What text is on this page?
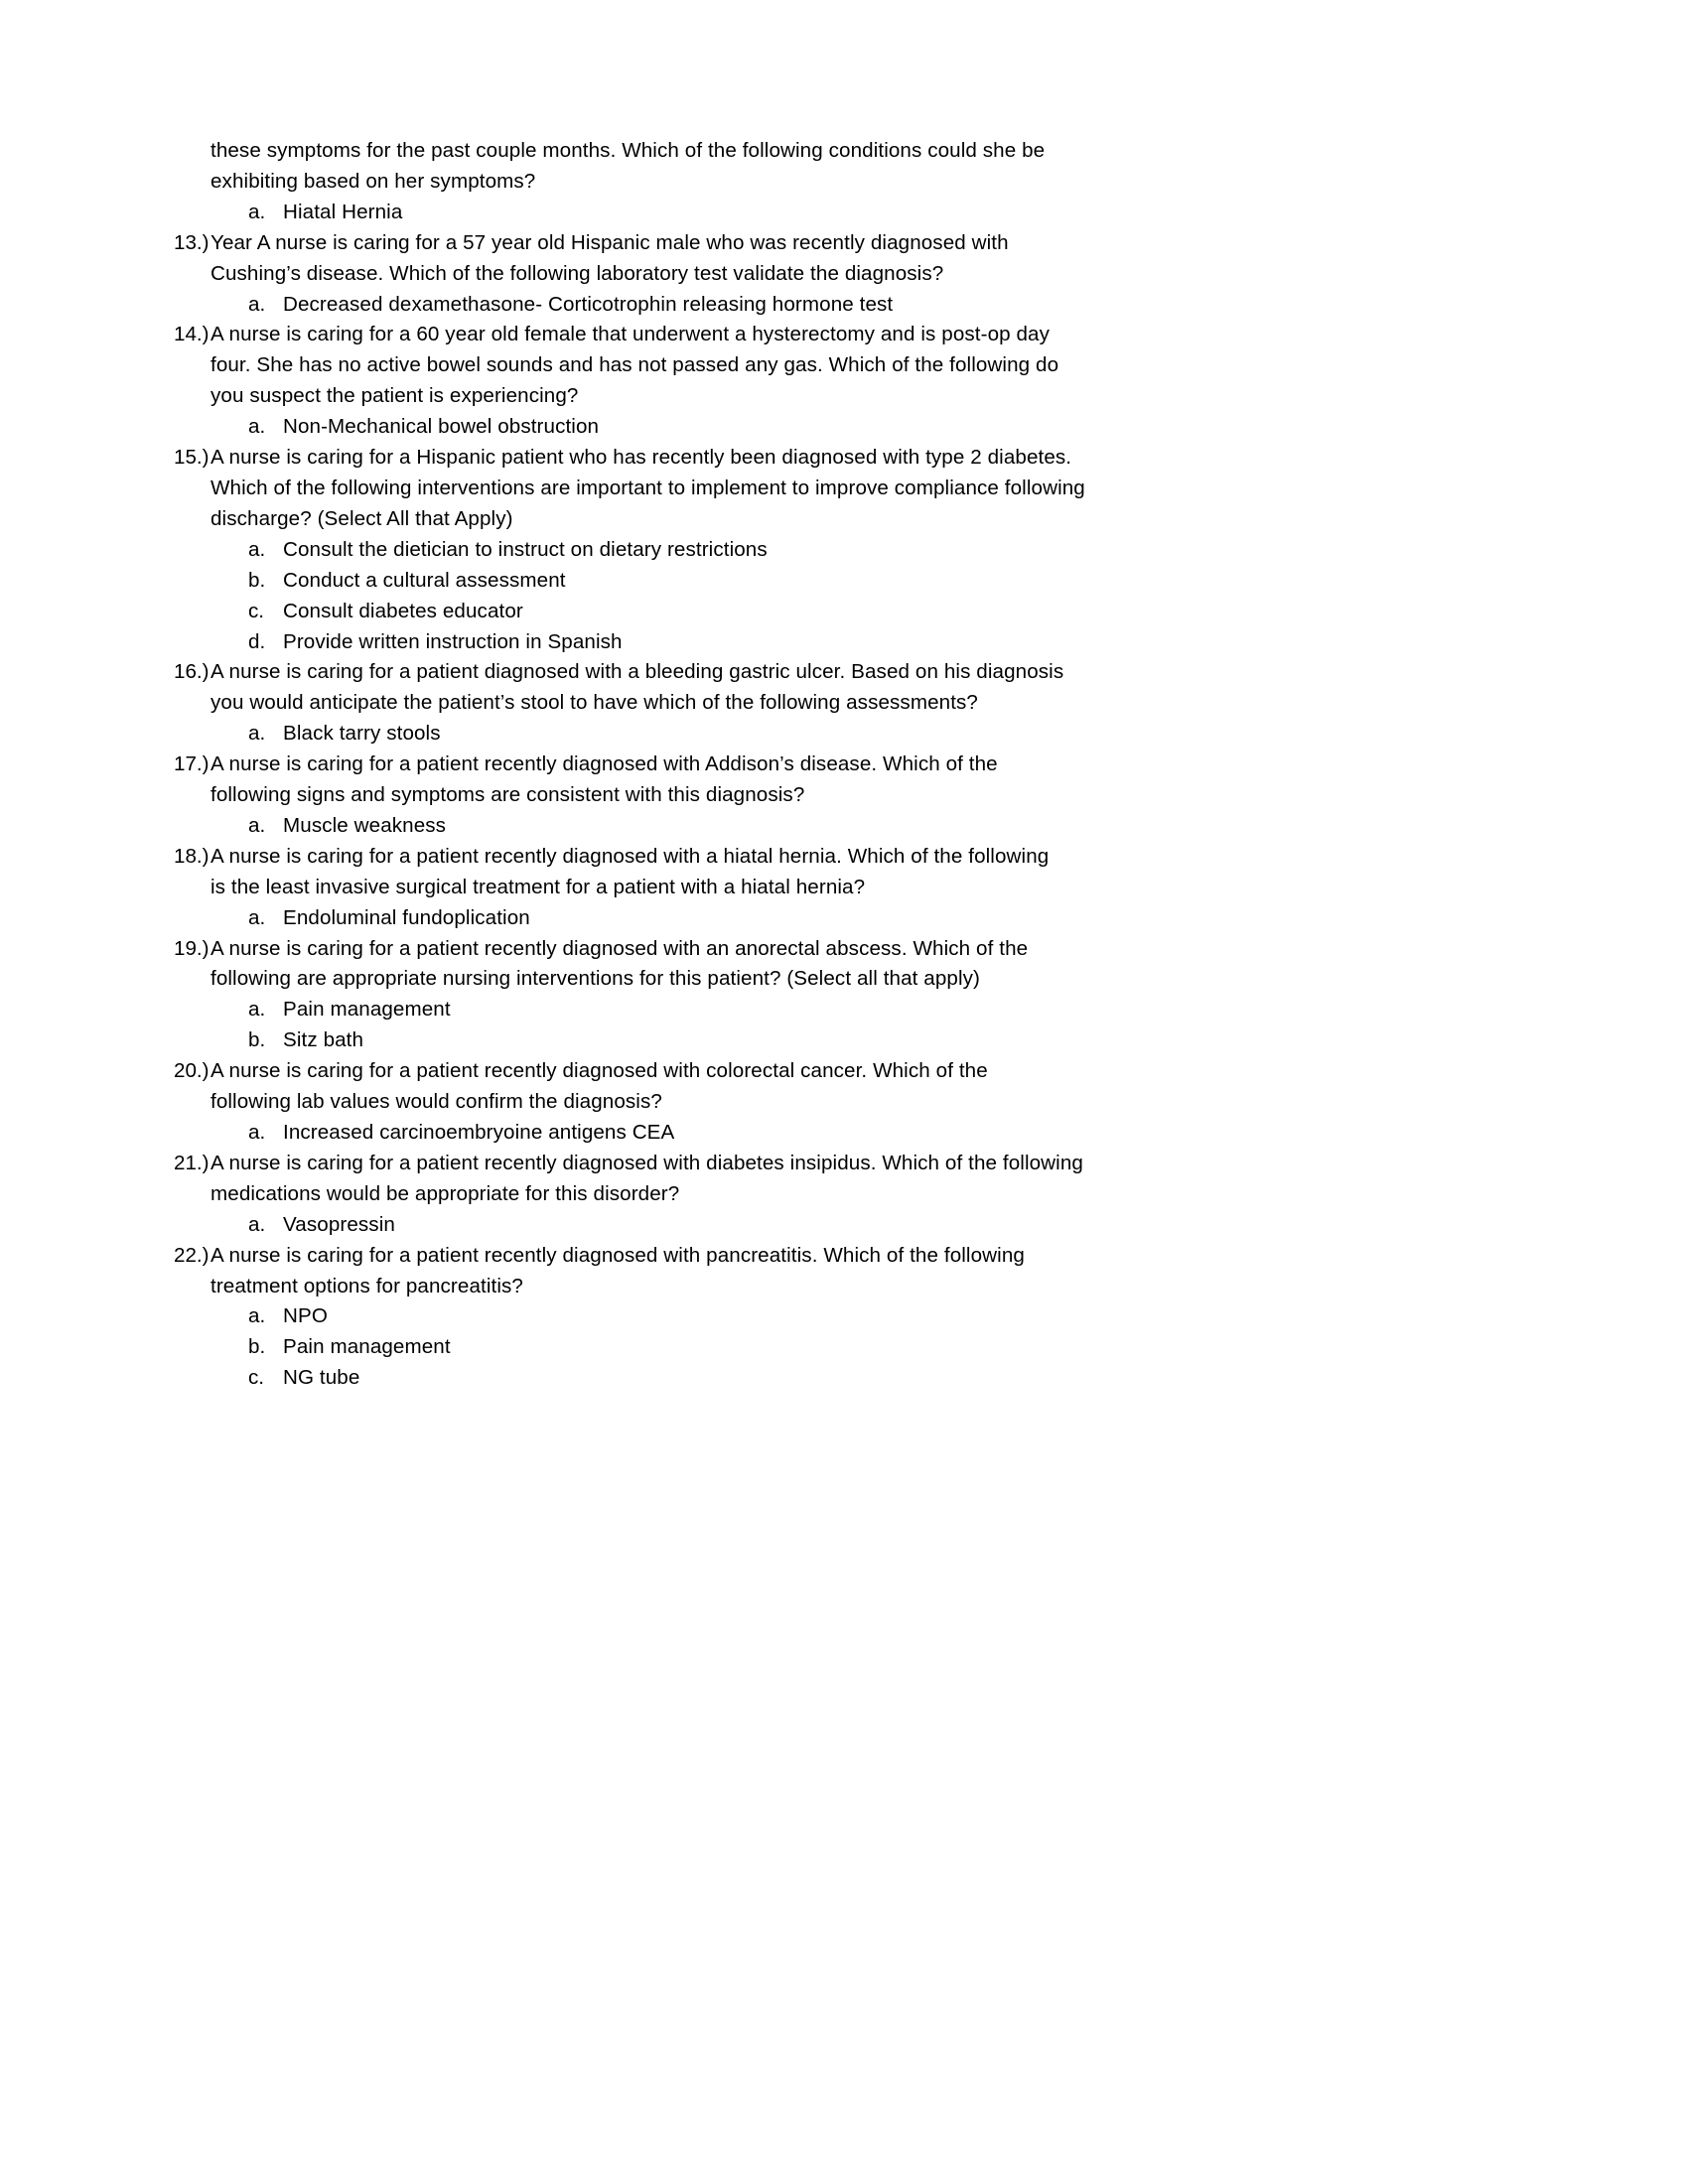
these symptoms for the past couple months. Which of the following conditions could she be exhibiting based on her symptoms?

a. Hiatal Hernia
13.) Year A nurse is caring for a 57 year old Hispanic male who was recently diagnosed with Cushing’s disease. Which of the following laboratory test validate the diagnosis?
a. Decreased dexamethasone- Corticotrophin releasing hormone test
14.) A nurse is caring for a 60 year old female that underwent a hysterectomy and is post-op day four. She has no active bowel sounds and has not passed any gas. Which of the following do you suspect the patient is experiencing?
a. Non-Mechanical bowel obstruction
15.) A nurse is caring for a Hispanic patient who has recently been diagnosed with type 2 diabetes. Which of the following interventions are important to implement to improve compliance following discharge? (Select All that Apply)
a. Consult the dietician to instruct on dietary restrictions
b. Conduct a cultural assessment
c. Consult diabetes educator
d. Provide written instruction in Spanish
16.) A nurse is caring for a patient diagnosed with a bleeding gastric ulcer. Based on his diagnosis you would anticipate the patient’s stool to have which of the following assessments?
a. Black tarry stools
17.) A nurse is caring for a patient recently diagnosed with Addison’s disease. Which of the following signs and symptoms are consistent with this diagnosis?
a. Muscle weakness
18.) A nurse is caring for a patient recently diagnosed with a hiatal hernia. Which of the following is the least invasive surgical treatment for a patient with a hiatal hernia?
a. Endoluminal fundoplication
19.) A nurse is caring for a patient recently diagnosed with an anorectal abscess. Which of the following are appropriate nursing interventions for this patient? (Select all that apply)
a. Pain management
b. Sitz bath
20.) A nurse is caring for a patient recently diagnosed with colorectal cancer. Which of the following lab values would confirm the diagnosis?
a. Increased carcinoembryoine antigens CEA
21.) A nurse is caring for a patient recently diagnosed with diabetes insipidus. Which of the following medications would be appropriate for this disorder?
a. Vasopressin
22.) A nurse is caring for a patient recently diagnosed with pancreatitis. Which of the following treatment options for pancreatitis?
a. NPO
b. Pain management
c. NG tube
